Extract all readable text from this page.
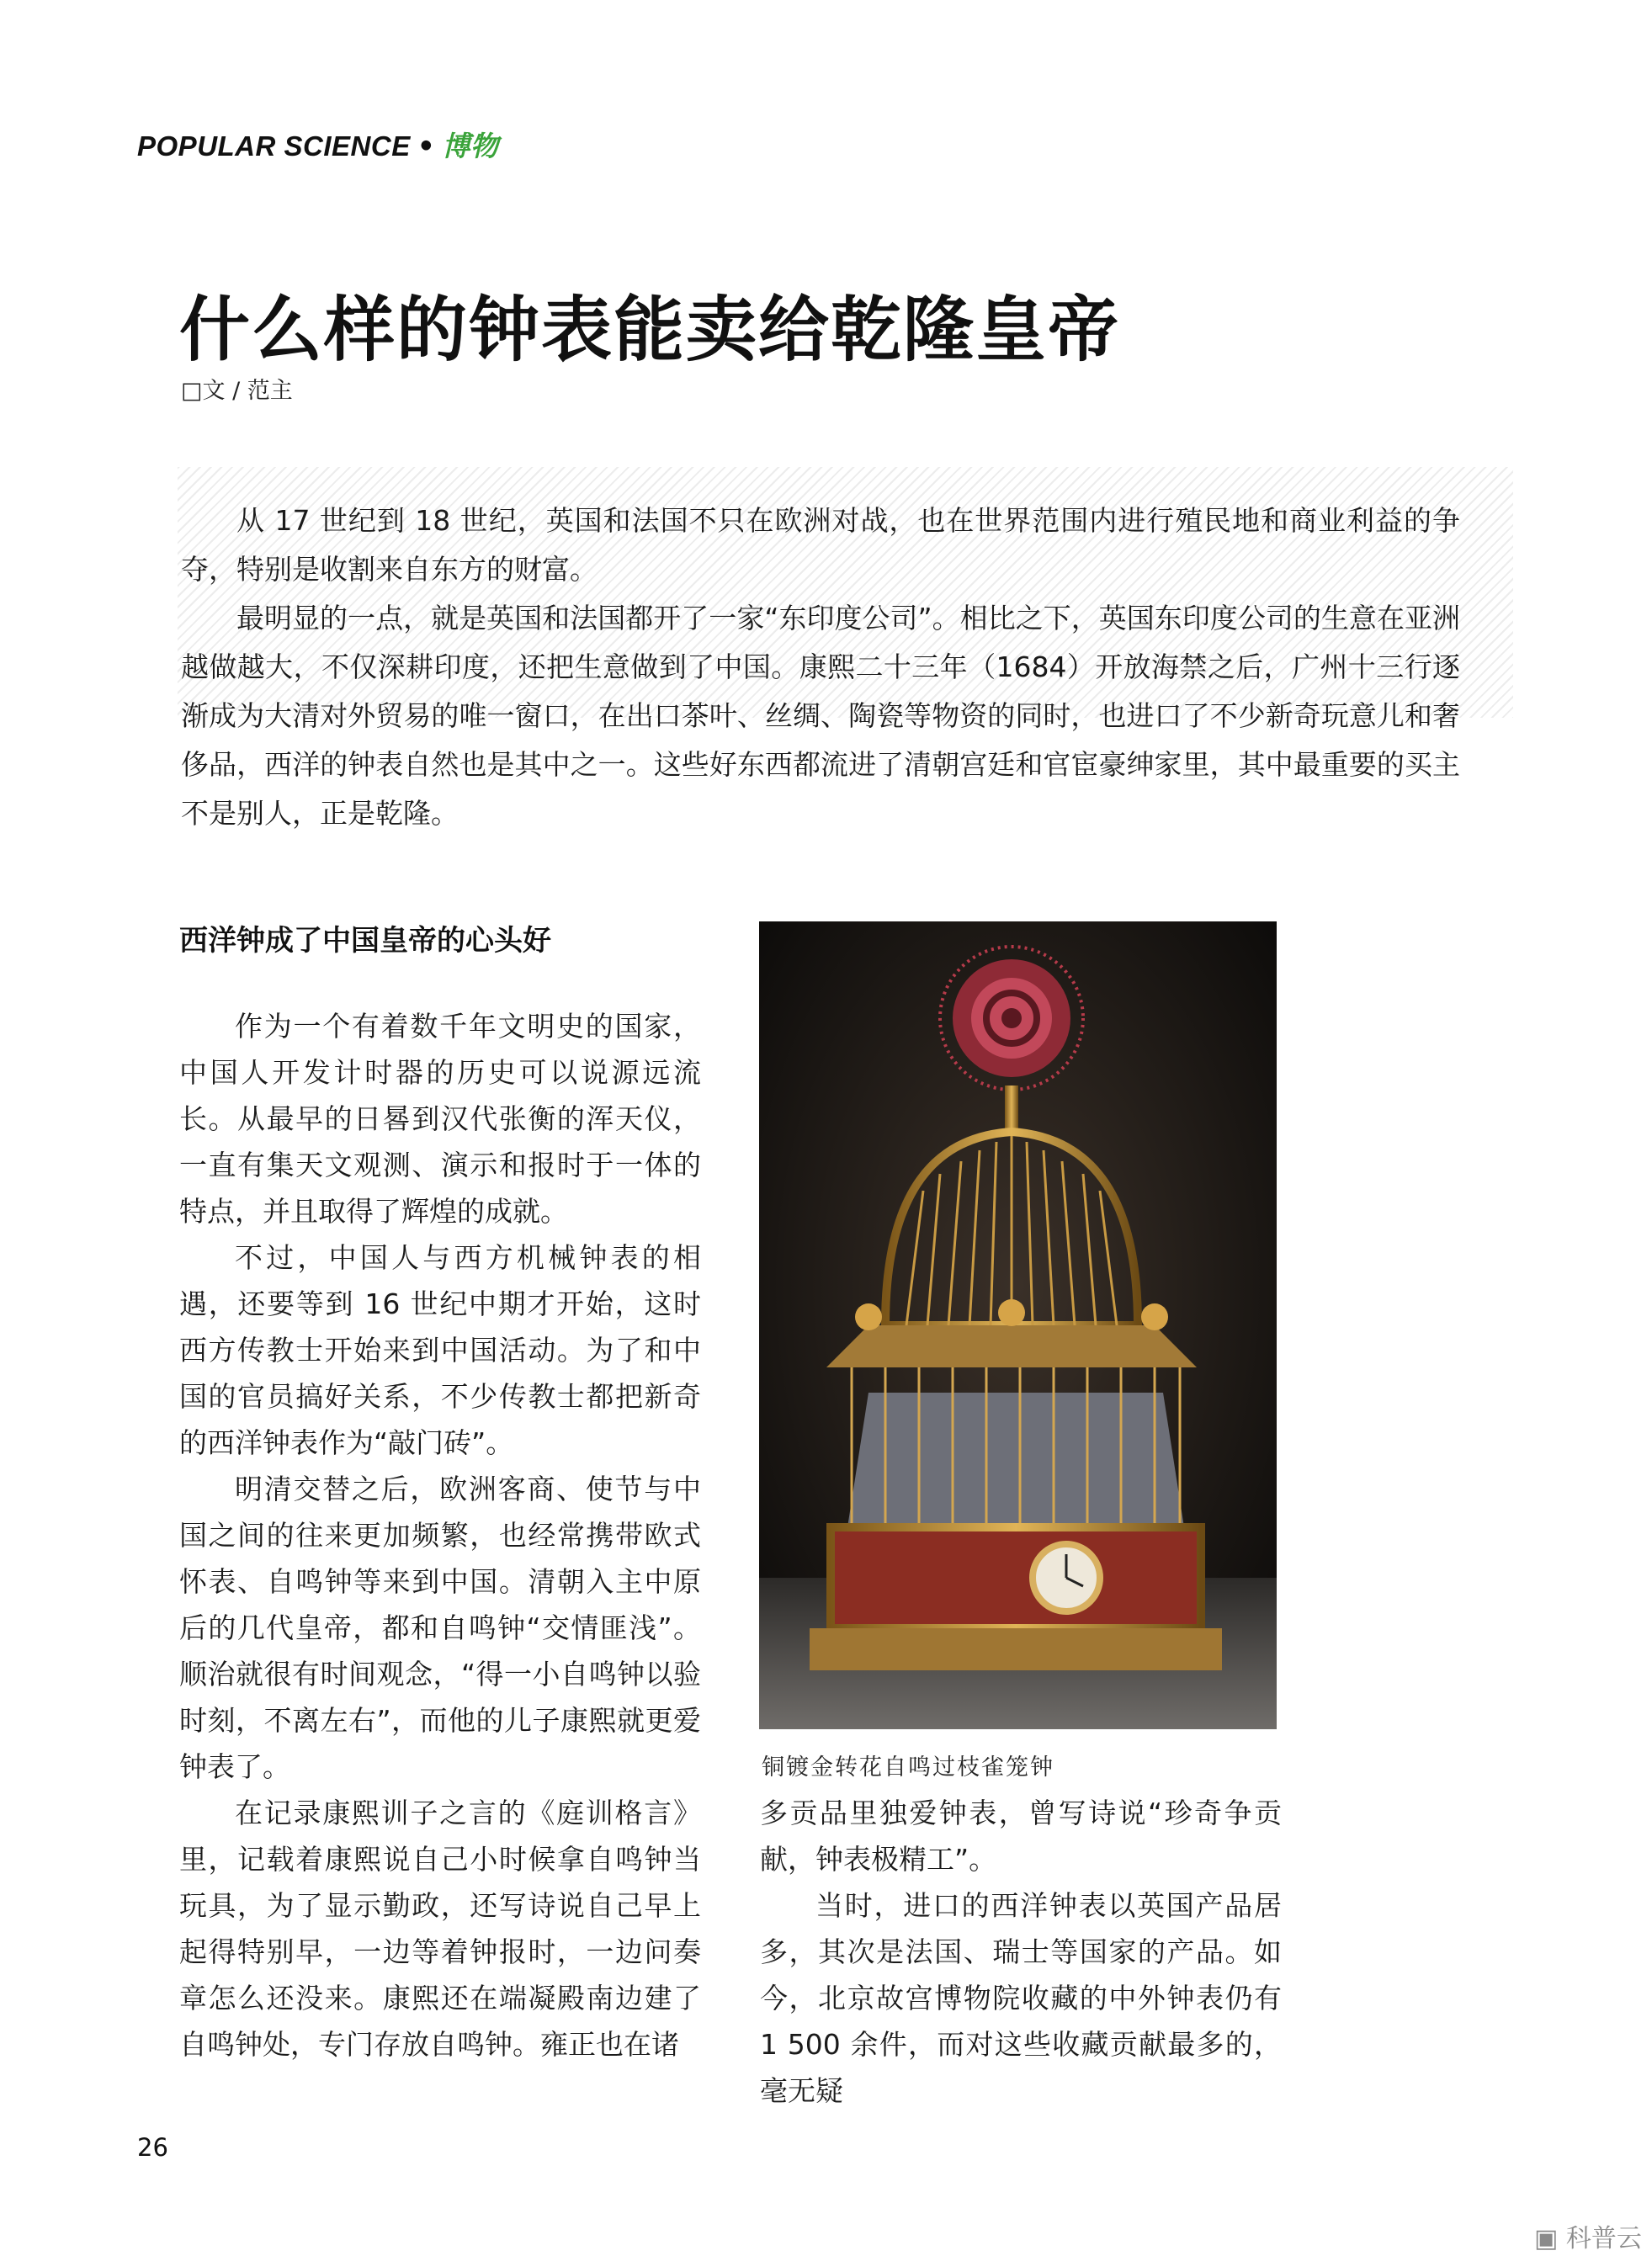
POPULAR SCIENCE • 博物
什么样的钟表能卖给乾隆皇帝
□文 / 范主

从 17 世纪到 18 世纪，英国和法国不只在欧洲对战，也在世界范围内进行殖民地和商业利益的争夺，特别是收割来自东方的财富。

最明显的一点，就是英国和法国都开了一家“东印度公司”。相比之下，英国东印度公司的生意在亚洲越做越大，不仅深耕印度，还把生意做到了中国。康熙二十三年（1684）开放海禁之后，广州十三行逐渐成为大清对外贸易的唯一窗口，在出口茶叶、丝绸、陶瓷等物资的同时，也进口了不少新奇玩意儿和奢侈品，西洋的钟表自然也是其中之一。这些好东西都流进了清朝宫廷和官宦豪绅家里，其中最重要的买主不是别人，正是乾隆。

西洋钟成了中国皇帝的心头好

作为一个有着数千年文明史的国家，中国人开发计时器的历史可以说源远流长。从最早的日晷到汉代张衡的浑天仪，一直有集天文观测、演示和报时于一体的特点，并且取得了辉煌的成就。

不过，中国人与西方机械钟表的相遇，还要等到 16 世纪中期才开始，这时西方传教士开始来到中国活动。为了和中国的官员搞好关系，不少传教士都把新奇的西洋钟表作为“敲门砖”。

明清交替之后，欧洲客商、使节与中国之间的往来更加频繁，也经常携带欧式怀表、自鸣钟等来到中国。清朝入主中原后的几代皇帝，都和自鸣钟“交情匪浅”。顺治就很有时间观念，“得一小自鸣钟以验时刻，不离左右”，而他的儿子康熙就更爱钟表了。

在记录康熙训子之言的《庭训格言》里，记载着康熙说自己小时候拿自鸣钟当玩具，为了显示勤政，还写诗说自己早上起得特别早，一边等着钟报时，一边问奏章怎么还没来。康熙还在端凝殿南边建了自鸣钟处，专门存放自鸣钟。雍正也在诸

铜镀金转花自鸣过枝雀笼钟

多贡品里独爱钟表，曾写诗说“珍奇争贡献，钟表极精工”。

当时，进口的西洋钟表以英国产品居多，其次是法国、瑞士等国家的产品。如今，北京故宫博物院收藏的中外钟表仍有 1 500 余件，而对这些收藏贡献最多的，毫无疑

26
▣ 科普云
